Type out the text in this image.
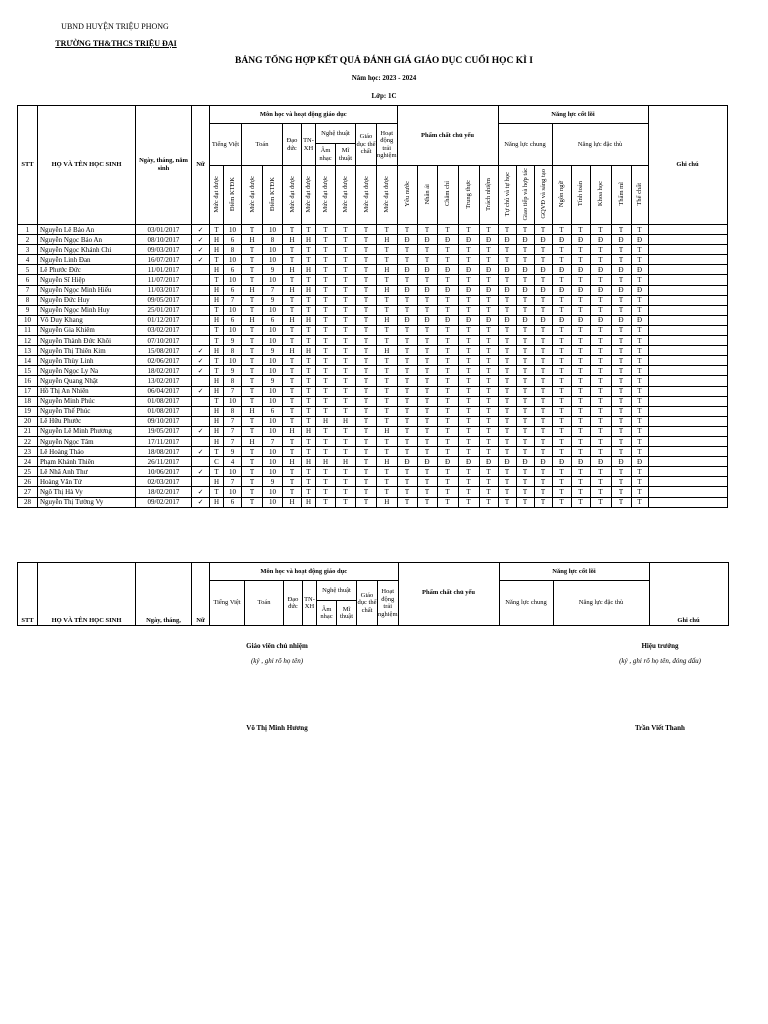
UBND HUYỆN TRIỆU PHONG
TRƯỜNG TH&THCS TRIỆU ĐẠI
BẢNG TỔNG HỢP KẾT QUẢ ĐÁNH GIÁ GIÁO DỤC CUỐI HỌC KÌ I
Năm học: 2023 - 2024
Lớp: 1C
STT	HỌ VÀ TÊN HỌC SINH	Ngày, tháng, năm sinh	Nữ	Môn học và hoạt động giáo dục										Phẩm chất chủ yếu					Năng lực cốt lõi								Ghi chú
				Tiếng Việt		Toán		Đạo đức	TN-XH	Nghệ thuật		Giáo dục thể chất	Hoạt động trải nghiệm						Năng lực chung			Năng lực đặc thù					
										Âm nhạc	Mĩ thuật																
				Mức đạt được	Điểm KTĐK	Mức đạt được	Điểm KTĐK	Mức đạt được	Mức đạt được	Mức đạt được	Mức đạt được	Mức đạt được	Mức đạt được	Yêu nước	Nhân ái	Chăm chỉ	Trung thực	Trách nhiệm	Tự chủ và tự học	Giao tiếp và hợp tác	GQVĐ và sáng tạo	Ngôn ngữ	Tính toán	Khoa học	Thẩm mĩ	Thể chất	
1	Nguyễn Lê Bảo An	03/01/2017	✓	T	10	T	10	T	T	T	T	T	T	T	T	T	T	T	T	T	T	T	T	T	T	T	
2	Nguyễn Ngọc Bảo An	08/10/2017	✓	H	6	H	8	H	H	T	T	T	H	Đ	Đ	Đ	Đ	Đ	Đ	Đ	Đ	Đ	Đ	Đ	Đ	Đ	
3	Nguyễn Ngọc Khánh Chi	09/03/2017	✓	H	8	T	10	T	T	T	T	T	T	T	T	T	T	T	T	T	T	T	T	T	T	T	
4	Nguyễn Linh Đan	16/07/2017	✓	T	10	T	10	T	T	T	T	T	T	T	T	T	T	T	T	T	T	T	T	T	T	T	
5	Lê Phước Đức	11/01/2017		H	6	T	9	H	H	T	T	T	H	Đ	Đ	Đ	Đ	Đ	Đ	Đ	Đ	Đ	Đ	Đ	Đ	Đ	
6	Nguyễn Sĩ Hiệp	11/07/2017		T	10	T	10	T	T	T	T	T	T	T	T	T	T	T	T	T	T	T	T	T	T	T	
7	Nguyễn Ngọc Minh Hiếu	11/03/2017		H	6	H	7	H	H	T	T	T	H	Đ	Đ	Đ	Đ	Đ	Đ	Đ	Đ	Đ	Đ	Đ	Đ	Đ	
8	Nguyễn Đức Huy	09/05/2017		H	7	T	9	T	T	T	T	T	T	T	T	T	T	T	T	T	T	T	T	T	T	T	
9	Nguyễn Ngọc Minh Huy	25/01/2017		T	10	T	10	T	T	T	T	T	T	T	T	T	T	T	T	T	T	T	T	T	T	T	
10	Võ Duy Khang	01/12/2017		H	6	H	6	H	H	T	T	T	H	Đ	Đ	Đ	Đ	Đ	Đ	Đ	Đ	Đ	Đ	Đ	Đ	Đ	
11	Nguyễn Gia Khiêm	03/02/2017		T	10	T	10	T	T	T	T	T	T	T	T	T	T	T	T	T	T	T	T	T	T	T	
12	Nguyễn Thành Đức Khôi	07/10/2017		T	9	T	10	T	T	T	T	T	T	T	T	T	T	T	T	T	T	T	T	T	T	T	
13	Nguyễn Thị Thiên Kim	15/08/2017	✓	H	8	T	9	H	H	T	T	T	H	T	T	T	T	T	T	T	T	T	T	T	T	T	
14	Nguyễn Thùy Linh	02/06/2017	✓	T	10	T	10	T	T	T	T	T	T	T	T	T	T	T	T	T	T	T	T	T	T	T	
15	Nguyễn Ngọc Ly Na	18/02/2017	✓	T	9	T	10	T	T	T	T	T	T	T	T	T	T	T	T	T	T	T	T	T	T	T	
16	Nguyễn Quang Nhật	13/02/2017		H	8	T	9	T	T	T	T	T	T	T	T	T	T	T	T	T	T	T	T	T	T	T	
17	Hồ Thị An Nhiên	06/04/2017	✓	H	7	T	10	T	T	T	T	T	T	T	T	T	T	T	T	T	T	T	T	T	T	T	
18	Nguyễn Minh Phúc	01/08/2017		T	10	T	10	T	T	T	T	T	T	T	T	T	T	T	T	T	T	T	T	T	T	T	
19	Nguyễn Thế Phúc	01/08/2017		H	8	H	6	T	T	T	T	T	T	T	T	T	T	T	T	T	T	T	T	T	T	T	
20	Lê Hữu Phước	09/10/2017		H	7	T	10	T	T	H	H	T	T	T	T	T	T	T	T	T	T	T	T	T	T	T	
21	Nguyễn Lê Minh Phương	19/05/2017	✓	H	7	T	10	H	H	T	T	T	H	T	T	T	T	T	T	T	T	T	T	T	T	T	
22	Nguyễn Ngọc Tâm	17/11/2017		H	7	H	7	T	T	T	T	T	T	T	T	T	T	T	T	T	T	T	T	T	T	T	
23	Lê Hoàng Thảo	18/08/2017	✓	T	9	T	10	T	T	T	T	T	T	T	T	T	T	T	T	T	T	T	T	T	T	T	
24	Phạm Khánh Thiên	26/11/2017		C	4	T	10	H	H	H	H	T	H	Đ	Đ	Đ	Đ	Đ	Đ	Đ	Đ	Đ	Đ	Đ	Đ	Đ	
25	Lê Nhã Anh Thư	10/06/2017	✓	T	10	T	10	T	T	T	T	T	T	T	T	T	T	T	T	T	T	T	T	T	T	T	
26	Hoàng Văn Tứ	02/03/2017		H	7	T	9	T	T	T	T	T	T	T	T	T	T	T	T	T	T	T	T	T	T	T	
27	Ngô Thị Hà Vy	18/02/2017	✓	T	10	T	10	T	T	T	T	T	T	T	T	T	T	T	T	T	T	T	T	T	T	T	
28	Nguyễn Thị Tường Vy	09/02/2017	✓	H	6	T	10	H	H	T	T	T	H	T	T	T	T	T	T	T	T	T	T	T	T	T	
STT	HỌ VÀ TÊN HỌC SINH	Ngày, tháng,	Nữ	Môn học và hoạt động giáo dục								Phẩm chất chủ yếu	Năng lực cốt lõi		Ghi chú
				Tiếng Việt	Toán	Đạo đức	TN-XH	Nghệ thuật		Giáo dục thể chất	Hoạt động trải nghiệm		Năng lực chung	Năng lực đặc thù	
								Âm nhạc	Mĩ thuật						
Giáo viên chủ nhiệm
(ký , ghi rõ họ tên)
Võ Thị Minh Hương
Hiệu trưởng
(ký , ghi rõ họ tên, đóng dấu)
Trần Viết Thanh
